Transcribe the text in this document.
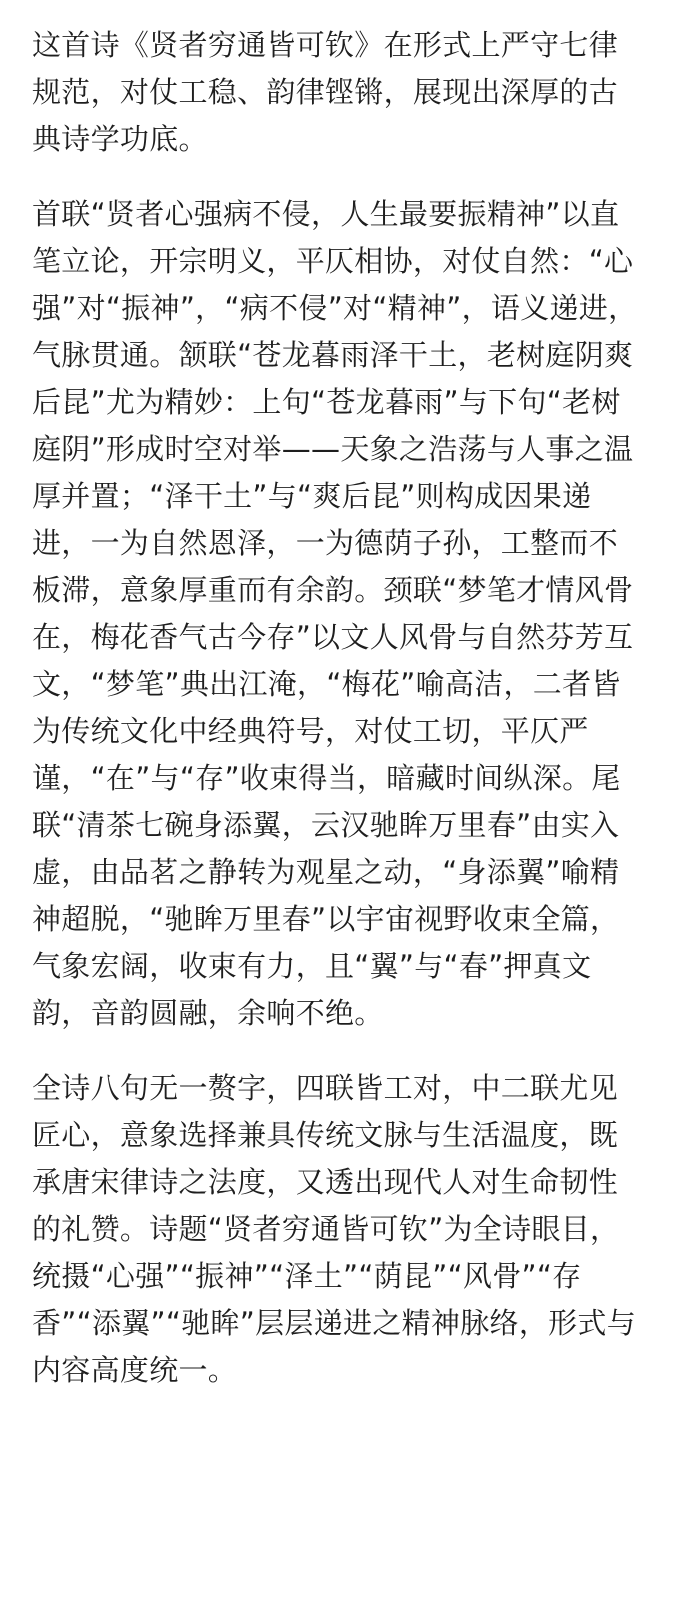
这首诗《贤者穷通皆可钦》在形式上严守七律
规范，对仗工稳、韵律铿锵，展现出深厚的古
典诗学功底。
首联“贤者心强病不侵，人生最要振精神”以直
笔立论，开宗明义，平仄相协，对仗自然：“心
强”对“振神”，“病不侵”对“精神”，语义递进，
气脉贯通。颔联“苍龙暮雨泽干土，老树庭阴爽
后昆”尤为精妙：上句“苍龙暮雨”与下句“老树
庭阴”形成时空对举——天象之浩荡与人事之温
厚并置；“泽干土”与“爽后昆”则构成因果递
进，一为自然恩泽，一为德荫子孙，工整而不
板滞，意象厚重而有余韵。颈联“梦笔才情风骨
在，梅花香气古今存”以文人风骨与自然芬芳互
文，“梦笔”典出江淹，“梅花”喻高洁，二者皆
为传统文化中经典符号，对仗工切，平仄严
谨，“在”与“存”收束得当，暗藏时间纵深。尾
联“清茶七碗身添翼，云汉驰眸万里春”由实入
虚，由品茗之静转为观星之动，“身添翼”喻精
神超脱，“驰眸万里春”以宇宙视野收束全篇，
气象宏阔，收束有力，且“翼”与“春”押真文
韵，音韵圆融，余响不绝。
全诗八句无一赘字，四联皆工对，中二联尤见
匠心，意象选择兼具传统文脉与生活温度，既
承唐宋律诗之法度，又透出现代人对生命韧性
的礼赞。诗题“贤者穷通皆可钦”为全诗眼目，
统摄“心强”“振神”“泽土”“荫昆”“风骨”“存
香”“添翼”“驰眸”层层递进之精神脉络，形式与
内容高度统一。
